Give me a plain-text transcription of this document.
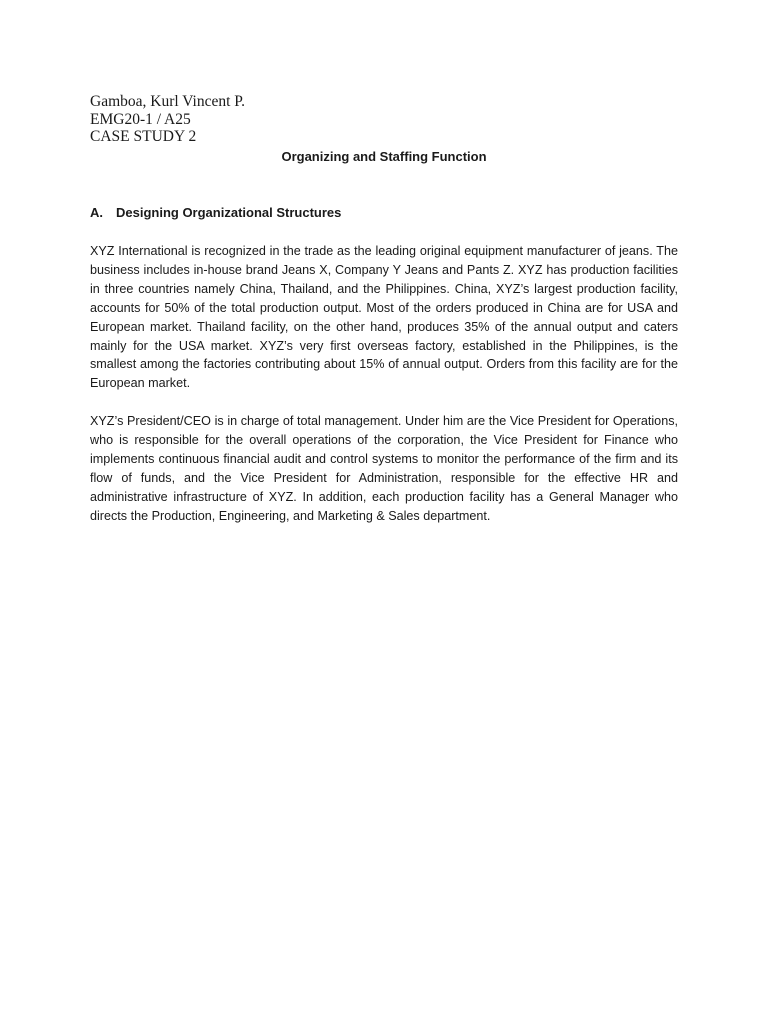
Gamboa, Kurl Vincent P.
EMG20-1 / A25
CASE STUDY 2
Organizing and Staffing Function
A. Designing Organizational Structures

XYZ International is recognized in the trade as the leading original equipment manufacturer of jeans. The business includes in-house brand Jeans X, Company Y Jeans and Pants Z. XYZ has production facilities in three countries namely China, Thailand, and the Philippines. China, XYZ’s largest production facility, accounts for 50% of the total production output. Most of the orders produced in China are for USA and European market. Thailand facility, on the other hand, produces 35% of the annual output and caters mainly for the USA market. XYZ’s very first overseas factory, established in the Philippines, is the smallest among the factories contributing about 15% of annual output. Orders from this facility are for the European market.

XYZ’s President/CEO is in charge of total management. Under him are the Vice President for Operations, who is responsible for the overall operations of the corporation, the Vice President for Finance who implements continuous financial audit and control systems to monitor the performance of the firm and its flow of funds, and the Vice President for Administration, responsible for the effective HR and administrative infrastructure of XYZ. In addition, each production facility has a General Manager who directs the Production, Engineering, and Marketing & Sales department.
